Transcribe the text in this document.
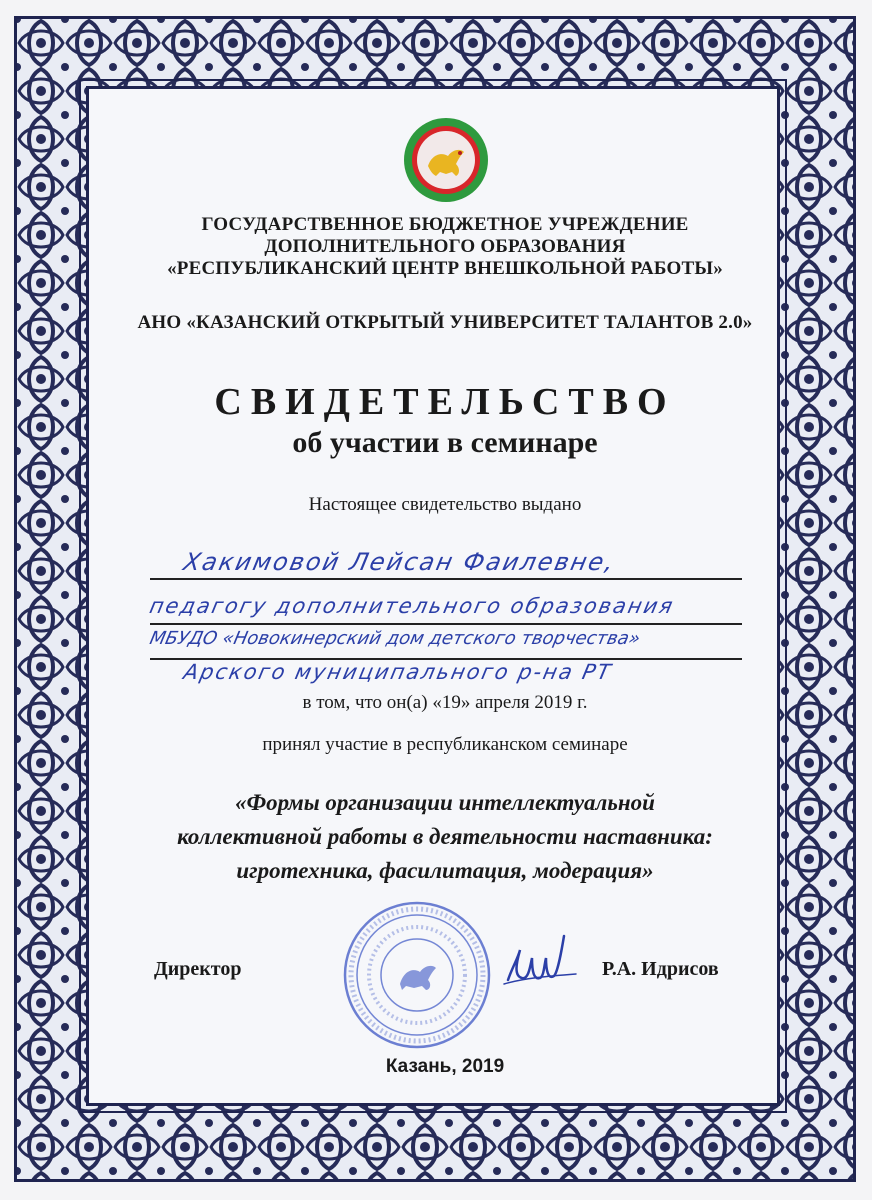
ГОСУДАРСТВЕННОЕ БЮДЖЕТНОЕ УЧРЕЖДЕНИЕ
ДОПОЛНИТЕЛЬНОГО ОБРАЗОВАНИЯ
«РЕСПУБЛИКАНСКИЙ ЦЕНТР ВНЕШКОЛЬНОЙ РАБОТЫ»
АНО «КАЗАНСКИЙ ОТКРЫТЫЙ УНИВЕРСИТЕТ ТАЛАНТОВ 2.0»
СВИДЕТЕЛЬСТВО
об участии в семинаре
Настоящее свидетельство выдано
Хакимовой Лейсан Фаилевне,
педагогу дополнительного образования
МБУДО «Новокинерский дом детского творчества»
Арского муниципального р-на РТ
в том, что он(а) «19» апреля 2019 г.
принял участие в республиканском семинаре
«Формы организации интеллектуальной
коллективной работы в деятельности наставника:
игротехника, фасилитация, модерация»
Директор	Р.А. Идрисов
Казань, 2019
